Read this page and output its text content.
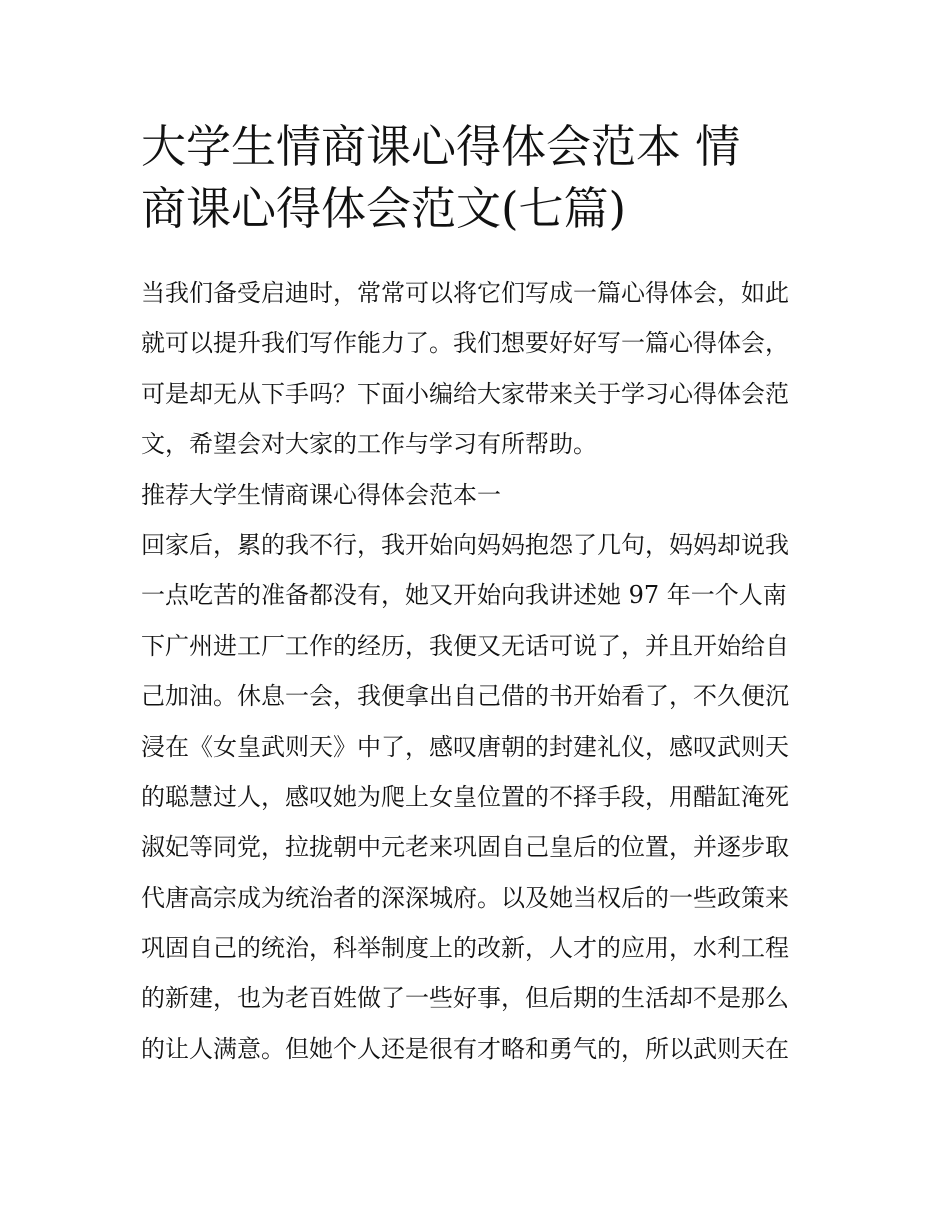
大学生情商课心得体会范本 情
商课心得体会范文(七篇)
当我们备受启迪时，常常可以将它们写成一篇心得体会，如此
就可以提升我们写作能力了。我们想要好好写一篇心得体会，
可是却无从下手吗？下面小编给大家带来关于学习心得体会范
文，希望会对大家的工作与学习有所帮助。
推荐大学生情商课心得体会范本一
回家后，累的我不行，我开始向妈妈抱怨了几句，妈妈却说我
一点吃苦的准备都没有，她又开始向我讲述她 97 年一个人南
下广州进工厂工作的经历，我便又无话可说了，并且开始给自
己加油。休息一会，我便拿出自己借的书开始看了，不久便沉
浸在《女皇武则天》中了，感叹唐朝的封建礼仪，感叹武则天
的聪慧过人，感叹她为爬上女皇位置的不择手段，用醋缸淹死
淑妃等同党，拉拢朝中元老来巩固自己皇后的位置，并逐步取
代唐高宗成为统治者的深深城府。以及她当权后的一些政策来
巩固自己的统治，科举制度上的改新，人才的应用，水利工程
的新建，也为老百姓做了一些好事，但后期的生活却不是那么
的让人满意。但她个人还是很有才略和勇气的，所以武则天在
